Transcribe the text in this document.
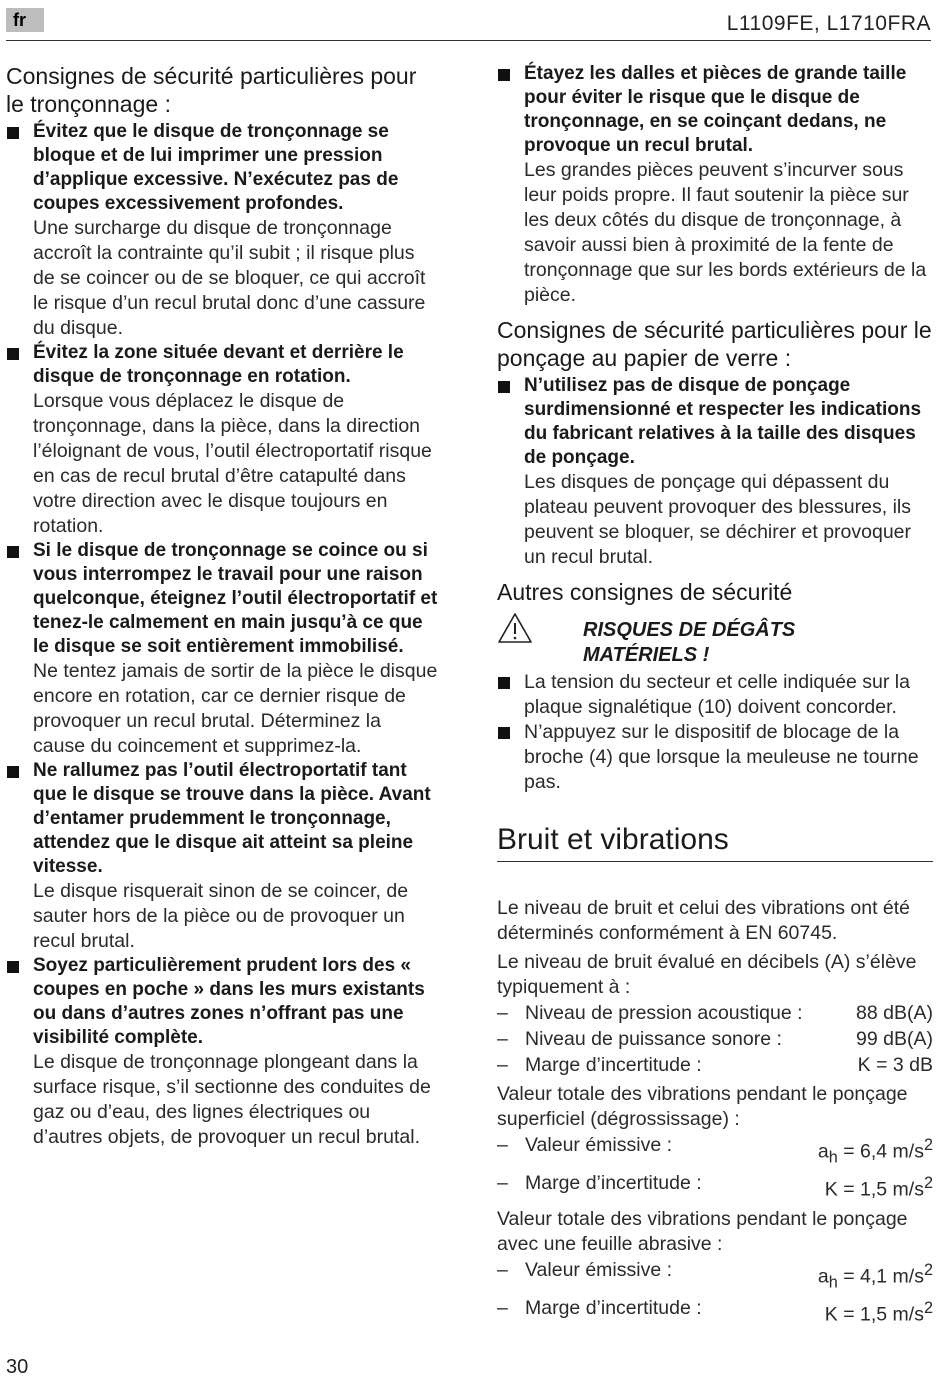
fr	L1109FE, L1710FRA
Consignes de sécurité particulières pour le tronçonnage :
Évitez que le disque de tronçonnage se bloque et de lui imprimer une pression d’applique excessive. N’exécutez pas de coupes excessivement profondes.
Une surcharge du disque de tronçonnage accroît la contrainte qu’il subit ; il risque plus de se coincer ou de se bloquer, ce qui accroît le risque d’un recul brutal donc d’une cassure du disque.
Évitez la zone située devant et derrière le disque de tronçonnage en rotation.
Lorsque vous déplacez le disque de tronçonnage, dans la pièce, dans la direction l’éloignant de vous, l’outil électroportatif risque en cas de recul brutal d’être catapulté dans votre direction avec le disque toujours en rotation.
Si le disque de tronçonnage se coince ou si vous interrompez le travail pour une raison quelconque, éteignez l’outil électroportatif et tenez-le calmement en main jusqu’à ce que le disque se soit entièrement immobilisé.
Ne tentez jamais de sortir de la pièce le disque encore en rotation, car ce dernier risque de provoquer un recul brutal. Déterminez la cause du coincement et supprimez-la.
Ne rallumez pas l’outil électroportatif tant que le disque se trouve dans la pièce. Avant d’entamer prudemment le tronçonnage, attendez que le disque ait atteint sa pleine vitesse.
Le disque risquerait sinon de se coincer, de sauter hors de la pièce ou de provoquer un recul brutal.
Soyez particulièrement prudent lors des « coupes en poche » dans les murs existants ou dans d’autres zones n’offrant pas une visibilité complète.
Le disque de tronçonnage plongeant dans la surface risque, s’il sectionne des conduites de gaz ou d’eau, des lignes électriques ou d’autres objets, de provoquer un recul brutal.
Étayez les dalles et pièces de grande taille pour éviter le risque que le disque de tronçonnage, en se coinçant dedans, ne provoque un recul brutal.
Les grandes pièces peuvent s’incurver sous leur poids propre. Il faut soutenir la pièce sur les deux côtés du disque de tronçonnage, à savoir aussi bien à proximité de la fente de tronçonnage que sur les bords extérieurs de la pièce.
Consignes de sécurité particulières pour le ponçage au papier de verre :
N’utilisez pas de disque de ponçage surdimensionné et respecter les indications du fabricant relatives à la taille des disques de ponçage.
Les disques de ponçage qui dépassent du plateau peuvent provoquer des blessures, ils peuvent se bloquer, se déchirer et provoquer un recul brutal.
Autres consignes de sécurité
RISQUES DE DÉGÂTS
MATÉRIELS !
La tension du secteur et celle indiquée sur la plaque signalétique (10) doivent concorder.
N’appuyez sur le dispositif de blocage de la broche (4) que lorsque la meuleuse ne tourne pas.
Bruit et vibrations
Le niveau de bruit et celui des vibrations ont été déterminés conformément à EN 60745.
Le niveau de bruit évalué en décibels (A) s’élève typiquement à :
– Niveau de pression acoustique :	88 dB(A)
– Niveau de puissance sonore :	99 dB(A)
– Marge d’incertitude :	K = 3 dB
Valeur totale des vibrations pendant le ponçage superficiel (dégrossissage) :
– Valeur émissive :	$a_h = 6,4$ $m/s^2$
– Marge d’incertitude :	K = 1,5 $m/s^2$
Valeur totale des vibrations pendant le ponçage avec une feuille abrasive :
– Valeur émissive :	$a_h = 4,1$ $m/s^2$
– Marge d’incertitude :	K = 1,5 $m/s^2$
30
